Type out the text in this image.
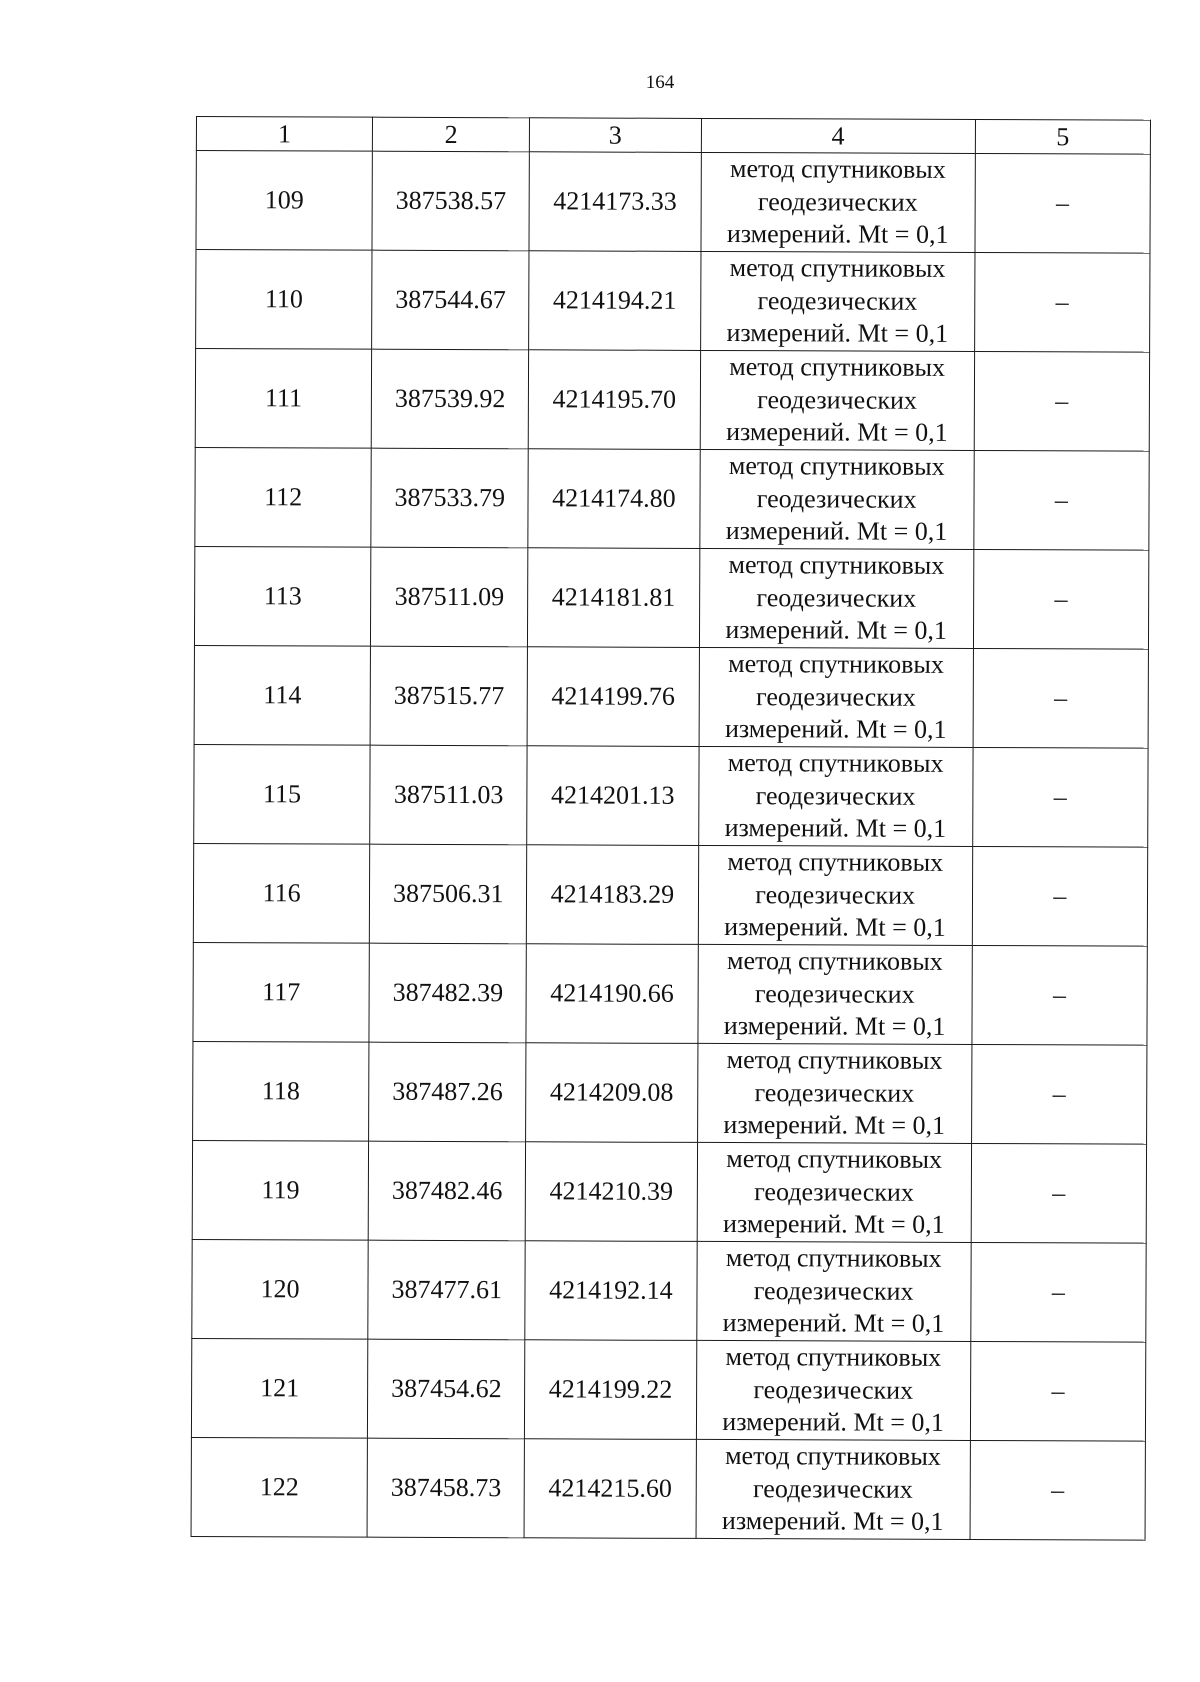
164
1	2	3	4	5
109	387538.57	4214173.33	метод спутниковых
геодезических
измерений. Mt = 0,1	–
110	387544.67	4214194.21	метод спутниковых
геодезических
измерений. Mt = 0,1	–
111	387539.92	4214195.70	метод спутниковых
геодезических
измерений. Mt = 0,1	–
112	387533.79	4214174.80	метод спутниковых
геодезических
измерений. Mt = 0,1	–
113	387511.09	4214181.81	метод спутниковых
геодезических
измерений. Mt = 0,1	–
114	387515.77	4214199.76	метод спутниковых
геодезических
измерений. Mt = 0,1	–
115	387511.03	4214201.13	метод спутниковых
геодезических
измерений. Mt = 0,1	–
116	387506.31	4214183.29	метод спутниковых
геодезических
измерений. Mt = 0,1	–
117	387482.39	4214190.66	метод спутниковых
геодезических
измерений. Mt = 0,1	–
118	387487.26	4214209.08	метод спутниковых
геодезических
измерений. Mt = 0,1	–
119	387482.46	4214210.39	метод спутниковых
геодезических
измерений. Mt = 0,1	–
120	387477.61	4214192.14	метод спутниковых
геодезических
измерений. Mt = 0,1	–
121	387454.62	4214199.22	метод спутниковых
геодезических
измерений. Mt = 0,1	–
122	387458.73	4214215.60	метод спутниковых
геодезических
измерений. Mt = 0,1	–
